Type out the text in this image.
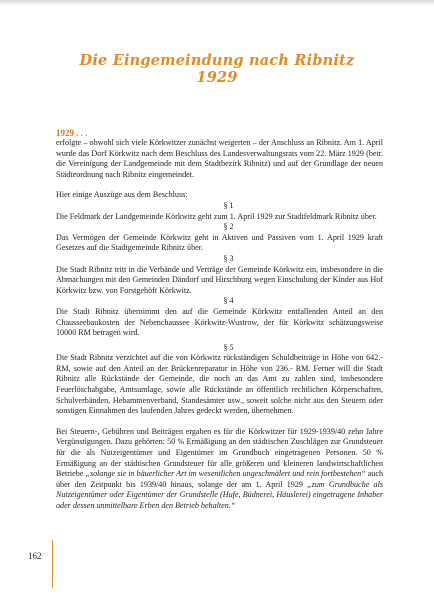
Die Eingemeindung nach Ribnitz
1929

1929 . . .

erfolgte – obwohl sich viele Körkwitzer zunächst weigerten – der Anschluss an Ribnitz. Am 1. April wurde das Dorf Körkwitz nach dem Beschluss des Landesverwaltungsrats vom 22. März 1929 (betr. die Vereinigung der Landgemeinde mit dem Stadtbezirk Ribnitz) und auf der Grundlage der neuen Städteordnung nach Ribnitz eingemeindet.

Hier einige Auszüge aus dem Beschluss:

§ 1

Die Feldmark der Landgemeinde Körkwitz geht zum 1. April 1929 zur Stadtfeldmark Ribnitz über.

§ 2

Das Vermögen der Gemeinde Körkwitz geht in Aktiven und Passiven vom 1. April 1929 kraft Gesetzes auf die Stadtgemeinde Ribnitz über.

§ 3

Die Stadt Ribnitz tritt in die Verbände und Verträge der Gemeinde Körkwitz ein, insbesondere in die Abmachungen mit den Gemeinden Dändorf und Hirschburg wegen Einschulung der Kinder aus Hof Körkwitz bzw. von Forstgehöft Körkwitz.

§ 4

Die Stadt Ribnitz übernimmt den auf die Gemeinde Körkwitz entfallenden Anteil an den Chausseebaukosten der Nebenchaussee Körkwitz-Wustrow, der für Körkwitz schätzungsweise 10000 RM betragen wird.

§ 5

Die Stadt Ribnitz verzichtet auf die von Körkwitz rückständigen Schuldbeiträge in Höhe von 642.- RM, sowie auf den Anteil an der Brückenreparatur in Höhe von 236.- RM. Ferner will die Stadt Ribnitz alle Rückstände der Gemeinde, die noch an das Amt zu zahlen sind, insbesondere Feuerlöschabgabe, Amtsumlage, sowie alle Rückstände an öffentlich rechtlichen Körperschaften, Schulverbänden, Hebammenverband, Standesämter usw., soweit solche nicht aus den Steuern oder sonstigen Einnahmen des laufenden Jahres gedeckt werden, übernehmen.

Bei Steuern-, Gebühren und Beiträgen ergaben es für die Körkwitzer für 1929-1939/40 zehn Jahre Vergünstigungen. Dazu gehörten: 50 % Ermäßigung an den städtischen Zuschlägen zur Grundsteuer für die als Nutzeigentümer und Eigentümer im Grundbuch eingetragenen Personen. 50 % Ermäßigung an der städtischen Grundsteuer für alle größeren und kleineren landwirtschaftlichen Betriebe „solange sie in bäuerlicher Art im wesentlichen ungeschmälert und rein fortbestehen“ auch über den Zeitpunkt bis 1939/40 hinaus, solange der am 1. April 1929 „zum Grundbuche als Nutzeigentümer oder Eigentümer der Grundstelle (Hufe, Büdnerei, Häuslerei) eingetragene Inhaber oder dessen unmittelbare Erben den Betrieb behalten.“

162
